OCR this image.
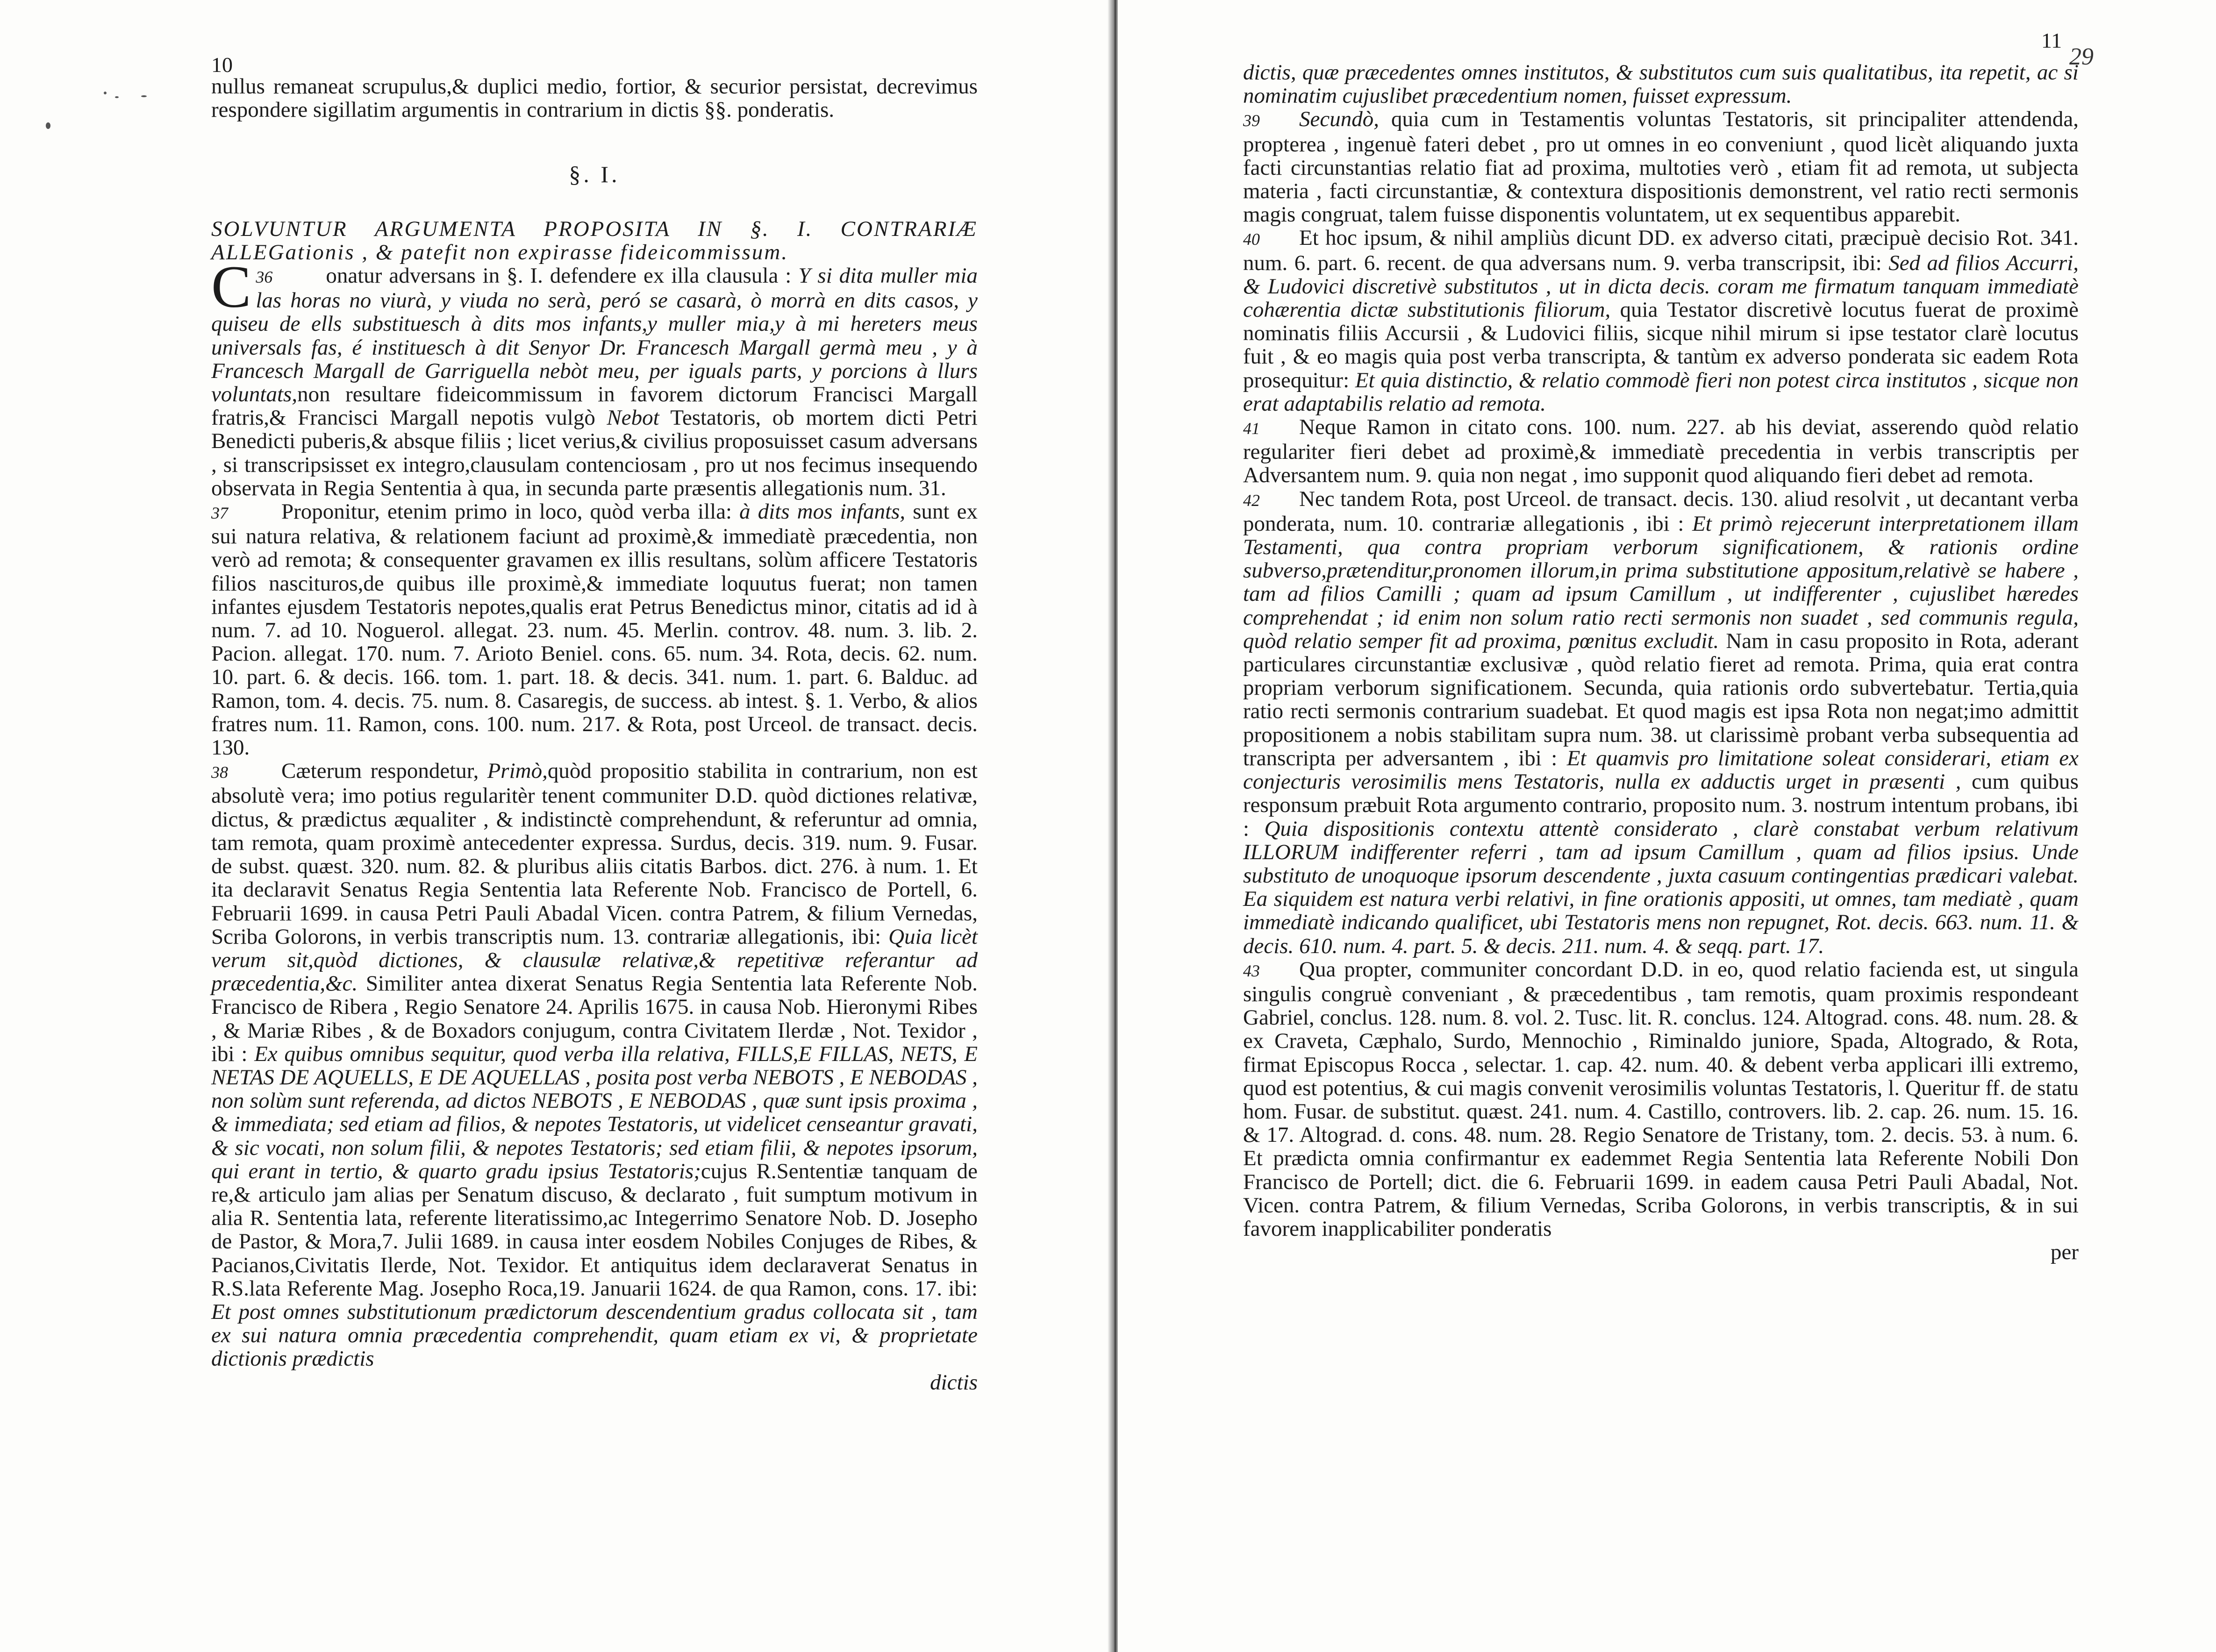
10

nullus remaneat scrupulus,& duplici medio, fortior, & securior persistat, decrevimus respondere sigillatim argumentis in contrarium in dictis §§. ponderatis.

§. I.

SOLVUNTUR ARGUMENTA PROPOSITA IN §. I. CONTRARIÆ ALLEGationis , & patefit non expirasse fideicommissum.

36
C	onatur adversans in §. I. defendere ex illa clausula : Y si dita muller mia las horas no viurà, y viuda no serà, peró se casarà, ò morrà en dits casos, y quiseu de ells substituesch à dits mos infants,y muller mia,y à mi hereters meus universals fas, é instituesch à dit Senyor Dr. Francesch Margall germà meu , y à Francesch Margall de Garriguella nebòt meu, per iguals parts, y porcions à llurs voluntats,non resultare fideicommissum in favorem dictorum Francisci Margall fratris,& Francisci Margall nepotis vulgò Nebot Testatoris, ob mortem dicti Petri Benedicti puberis,& absque filiis ; licet verius,& civilius proposuisset casum adversans , si transcripsisset ex integro,clausulam contenciosam , pro ut nos fecimus insequendo observata in Regia Sententia à qua, in secunda parte præsentis allegationis num. 31.

37 Proponitur, etenim primo in loco, quòd verba illa: à dits mos infants, sunt ex sui natura relativa, & relationem faciunt ad proximè,& immediatè præcedentia, non verò ad remota; & consequenter gravamen ex illis resultans, solùm afficere Testatoris filios nascituros,de quibus ille proximè,& immediate loquutus fuerat; non tamen infantes ejusdem Testatoris nepotes,qualis erat Petrus Benedictus minor, citatis ad id à num. 7. ad 10. Noguerol. allegat. 23. num. 45. Merlin. controv. 48. num. 3. lib. 2. Pacion. allegat. 170. num. 7. Arioto Beniel. cons. 65. num. 34. Rota, decis. 62. num. 10. part. 6. & decis. 166. tom. 1. part. 18. & decis. 341. num. 1. part. 6. Balduc. ad Ramon, tom. 4. decis. 75. num. 8. Casaregis, de success. ab intest. §. 1. Verbo, & alios fratres num. 11. Ramon, cons. 100. num. 217. & Rota, post Urceol. de transact. decis. 130.

38 Cæterum respondetur, Primò,quòd propositio stabilita in contrarium, non est absolutè vera; imo potius regularitèr tenent communiter D.D. quòd dictiones relativæ, dictus, & prædictus æqualiter , & indistinctè comprehendunt, & referuntur ad omnia, tam remota, quam proximè antecedenter expressa. Surdus, decis. 319. num. 9. Fusar. de subst. quæst. 320. num. 82. & pluribus aliis citatis Barbos. dict. 276. à num. 1. Et ita declaravit Senatus Regia Sententia lata Referente Nob. Francisco de Portell, 6. Februarii 1699. in causa Petri Pauli Abadal Vicen. contra Patrem, & filium Vernedas, Scriba Golorons, in verbis transcriptis num. 13. contrariæ allegationis, ibi: Quia licèt verum sit,quòd dictiones, & clausulæ relativæ,& repetitivæ referantur ad præcedentia,&c. Similiter antea dixerat Senatus Regia Sententia lata Referente Nob. Francisco de Ribera , Regio Senatore 24. Aprilis 1675. in causa Nob. Hieronymi Ribes , & Mariæ Ribes , & de Boxadors conjugum, contra Civitatem Ilerdæ , Not. Texidor , ibi : Ex quibus omnibus sequitur, quod verba illa relativa, FILLS,E FILLAS, NETS, E NETAS DE AQUELLS, E DE AQUELLAS , posita post verba NEBOTS , E NEBODAS , non solùm sunt referenda, ad dictos NEBOTS , E NEBODAS , quæ sunt ipsis proxima , & immediata; sed etiam ad filios, & nepotes Testatoris, ut videlicet censeantur gravati, & sic vocati, non solum filii, & nepotes Testatoris; sed etiam filii, & nepotes ipsorum, qui erant in tertio, & quarto gradu ipsius Testatoris;cujus R.Sententiæ tanquam de re,& articulo jam alias per Senatum discuso, & declarato , fuit sumptum motivum in alia R. Sententia lata, referente literatissimo,ac Integerrimo Senatore Nob. D. Josepho de Pastor, & Mora,7. Julii 1689. in causa inter eosdem Nobiles Conjuges de Ribes, & Pacianos,Civitatis Ilerde, Not. Texidor. Et antiquitus idem declaraverat Senatus in R.S.lata Referente Mag. Josepho Roca,19. Januarii 1624. de qua Ramon, cons. 17. ibi: Et post omnes substitutionum prædictorum descendentium gradus collocata sit , tam ex sui natura omnia præcedentia comprehendit, quam etiam ex vi, & proprietate dictionis prædictis

dictis

11
29

dictis, quæ præcedentes omnes institutos, & substitutos cum suis qualitatibus, ita repetit, ac si nominatim cujuslibet præcedentium nomen, fuisset expressum.

39 Secundò, quia cum in Testamentis voluntas Testatoris, sit principaliter attendenda, propterea , ingenuè fateri debet , pro ut omnes in eo conveniunt , quod licèt aliquando juxta facti circunstantias relatio fiat ad proxima, multoties verò , etiam fit ad remota, ut subjecta materia , facti circunstantiæ, & contextura dispositionis demonstrent, vel ratio recti sermonis magis congruat, talem fuisse disponentis voluntatem, ut ex sequentibus apparebit.

40 Et hoc ipsum, & nihil ampliùs dicunt DD. ex adverso citati, præcipuè decisio Rot. 341. num. 6. part. 6. recent. de qua adversans num. 9. verba transcripsit, ibi: Sed ad filios Accurri, & Ludovici discretivè substitutos , ut in dicta decis. coram me firmatum tanquam immediatè cohærentia dictæ substitutionis filiorum, quia Testator discretivè locutus fuerat de proximè nominatis filiis Accursii , & Ludovici filiis, sicque nihil mirum si ipse testator clarè locutus fuit , & eo magis quia post verba transcripta, & tantùm ex adverso ponderata sic eadem Rota prosequitur: Et quia distinctio, & relatio commodè fieri non potest circa institutos , sicque non erat adaptabilis relatio ad remota.

41 Neque Ramon in citato cons. 100. num. 227. ab his deviat, asserendo quòd relatio regulariter fieri debet ad proximè,& immediatè precedentia in verbis transcriptis per Adversantem num. 9. quia non negat , imo supponit quod aliquando fieri debet ad remota.

42 Nec tandem Rota, post Urceol. de transact. decis. 130. aliud resolvit , ut decantant verba ponderata, num. 10. contrariæ allegationis , ibi : Et primò rejecerunt interpretationem illam Testamenti, qua contra propriam verborum significationem, & rationis ordine subverso,prætenditur,pronomen illorum,in prima substitutione appositum,relativè se habere , tam ad filios Camilli ; quam ad ipsum Camillum , ut indifferenter , cujuslibet hæredes comprehendat ; id enim non solum ratio recti sermonis non suadet , sed communis regula, quòd relatio semper fit ad proxima, pœnitus excludit. Nam in casu proposito in Rota, aderant particulares circunstantiæ exclusivæ , quòd relatio fieret ad remota. Prima, quia erat contra propriam verborum significationem. Secunda, quia rationis ordo subvertebatur. Tertia,quia ratio recti sermonis contrarium suadebat. Et quod magis est ipsa Rota non negat;imo admittit propositionem a nobis stabilitam supra num. 38. ut clarissimè probant verba subsequentia ad transcripta per adversantem , ibi : Et quamvis pro limitatione soleat considerari, etiam ex conjecturis verosimilis mens Testatoris, nulla ex adductis urget in præsenti , cum quibus responsum præbuit Rota argumento contrario, proposito num. 3. nostrum intentum probans, ibi : Quia dispositionis contextu attentè considerato , clarè constabat verbum relativum ILLORUM indifferenter referri , tam ad ipsum Camillum , quam ad filios ipsius. Unde substituto de unoquoque ipsorum descendente , juxta casuum contingentias prædicari valebat. Ea siquidem est natura verbi relativi, in fine orationis appositi, ut omnes, tam mediatè , quam immediatè indicando qualificet, ubi Testatoris mens non repugnet, Rot. decis. 663. num. 11. & decis. 610. num. 4. part. 5. & decis. 211. num. 4. & seqq. part. 17.

43 Qua propter, communiter concordant D.D. in eo, quod relatio facienda est, ut singula singulis congruè conveniant , & præcedentibus , tam remotis, quam proximis respondeant Gabriel, conclus. 128. num. 8. vol. 2. Tusc. lit. R. conclus. 124. Altograd. cons. 48. num. 28. & ex Craveta, Cæphalo, Surdo, Mennochio , Riminaldo juniore, Spada, Altogrado, & Rota, firmat Episcopus Rocca , selectar. 1. cap. 42. num. 40. & debent verba applicari illi extremo, quod est potentius, & cui magis convenit verosimilis voluntas Testatoris, l. Queritur ff. de statu hom. Fusar. de substitut. quæst. 241. num. 4. Castillo, controvers. lib. 2. cap. 26. num. 15. 16. & 17. Altograd. d. cons. 48. num. 28. Regio Senatore de Tristany, tom. 2. decis. 53. à num. 6. Et prædicta omnia confirmantur ex eademmet Regia Sententia lata Referente Nobili Don Francisco de Portell; dict. die 6. Februarii 1699. in eadem causa Petri Pauli Abadal, Not. Vicen. contra Patrem, & filium Vernedas, Scriba Golorons, in verbis transcriptis, & in sui favorem inapplicabiliter ponderatis

per
